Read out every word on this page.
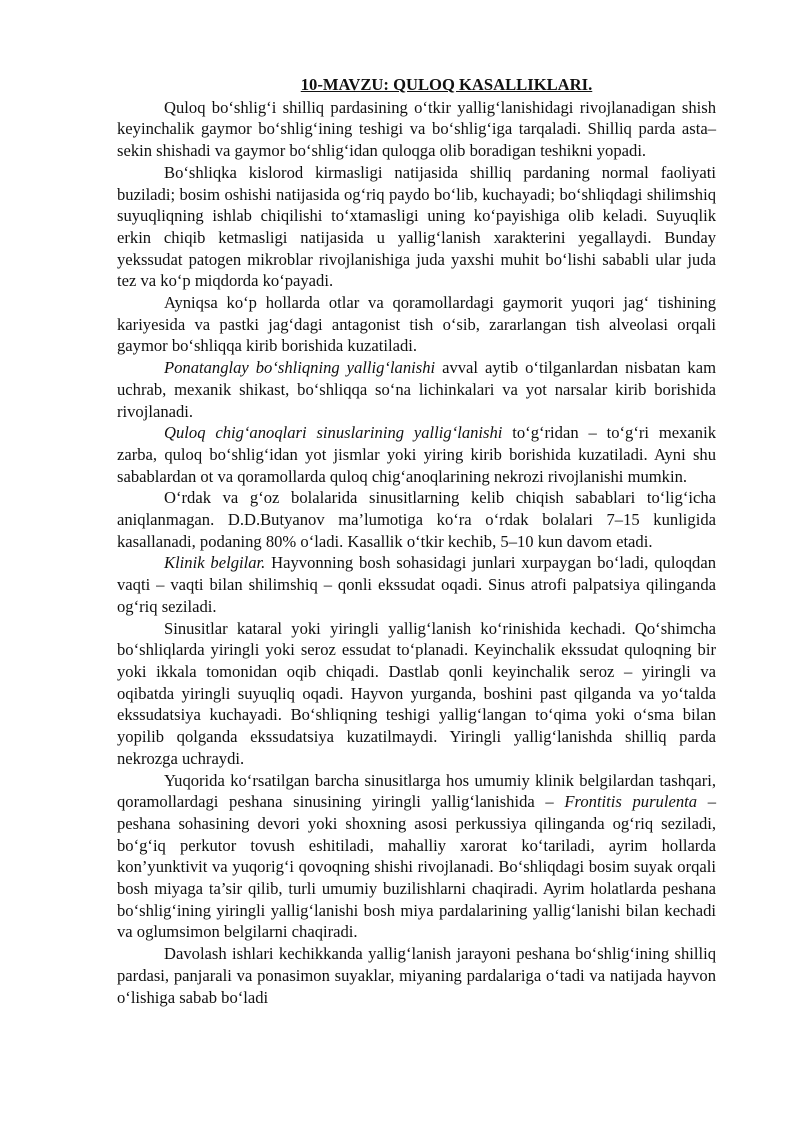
10-MAVZU: QULOQ KASALLIKLARI.

Quloq bo‘shlig‘i shilliq pardasining o‘tkir yallig‘lanishidagi rivojlanadigan shish keyinchalik gaymor bo‘shlig‘ining teshigi va bo‘shlig‘iga tarqaladi. Shilliq parda asta–sekin shishadi va gaymor bo‘shlig‘idan quloqga olib boradigan teshikni yopadi.

Bo‘shliqka kislorod kirmasligi natijasida shilliq pardaning normal faoliyati buziladi; bosim oshishi natijasida og‘riq paydo bo‘lib, kuchayadi; bo‘shliqdagi shilimshiq suyuqliqning ishlab chiqilishi to‘xtamasligi uning ko‘payishiga olib keladi. Suyuqlik erkin chiqib ketmasligi natijasida u yallig‘lanish xarakterini yegallaydi. Bunday yekssudat patogen mikroblar rivojlanishiga juda yaxshi muhit bo‘lishi sababli ular juda tez va ko‘p miqdorda ko‘payadi.

Ayniqsa ko‘p hollarda otlar va qoramollardagi gaymorit yuqori jag‘ tishining kariyesida va pastki jag‘dagi antagonist tish o‘sib, zararlangan tish alveolasi orqali gaymor bo‘shliqqa kirib borishida kuzatiladi.

Ponatanglay bo‘shliqning yallig‘lanishi avval aytib o‘tilganlardan nisbatan kam uchrab, mexanik shikast, bo‘shliqqa so‘na lichinkalari va yot narsalar kirib borishida rivojlanadi.

Quloq chig‘anoqlari sinuslarining yallig‘lanishi to‘g‘ridan – to‘g‘ri mexanik zarba, quloq bo‘shlig‘idan yot jismlar yoki yiring kirib borishida kuzatiladi. Ayni shu sabablardan ot va qoramollarda quloq chig‘anoqlarining nekrozi rivojlanishi mumkin.

O‘rdak va g‘oz bolalarida sinusitlarning kelib chiqish sabablari to‘lig‘icha aniqlanmagan. D.D.Butyanov ma’lumotiga ko‘ra o‘rdak bolalari 7–15 kunligida kasallanadi, podaning 80% o‘ladi. Kasallik o‘tkir kechib, 5–10 kun davom etadi.

Klinik belgilar. Hayvonning bosh sohasidagi junlari xurpaygan bo‘ladi, quloqdan vaqti – vaqti bilan shilimshiq – qonli ekssudat oqadi. Sinus atrofi palpatsiya qilinganda og‘riq seziladi.

Sinusitlar kataral yoki yiringli yallig‘lanish ko‘rinishida kechadi. Qo‘shimcha bo‘shliqlarda yiringli yoki seroz essudat to‘planadi. Keyinchalik ekssudat quloqning bir yoki ikkala tomonidan oqib chiqadi. Dastlab qonli keyinchalik seroz – yiringli va oqibatda yiringli suyuqliq oqadi. Hayvon yurganda, boshini past qilganda va yo‘talda ekssudatsiya kuchayadi. Bo‘shliqning teshigi yallig‘langan to‘qima yoki o‘sma bilan yopilib qolganda ekssudatsiya kuzatilmaydi. Yiringli yallig‘lanishda shilliq parda nekrozga uchraydi.

Yuqorida ko‘rsatilgan barcha sinusitlarga hos umumiy klinik belgilardan tashqari, qoramollardagi peshana sinusining yiringli yallig‘lanishida – Frontitis purulenta – peshana sohasining devori yoki shoxning asosi perkussiya qilinganda og‘riq seziladi, bo‘g‘iq perkutor tovush eshitiladi, mahalliy xarorat ko‘tariladi, ayrim hollarda kon’yunktivit va yuqorig‘i qovoqning shishi rivojlanadi. Bo‘shliqdagi bosim suyak orqali bosh miyaga ta’sir qilib, turli umumiy buzilishlarni chaqiradi. Ayrim holatlarda peshana bo‘shlig‘ining yiringli yallig‘lanishi bosh miya pardalarining yallig‘lanishi bilan kechadi va oglumsimon belgilarni chaqiradi.

Davolash ishlari kechikkanda yallig‘lanish jarayoni peshana bo‘shlig‘ining shilliq pardasi, panjarali va ponasimon suyaklar, miyaning pardalariga o‘tadi va natijada hayvon o‘lishiga sabab bo‘ladi
